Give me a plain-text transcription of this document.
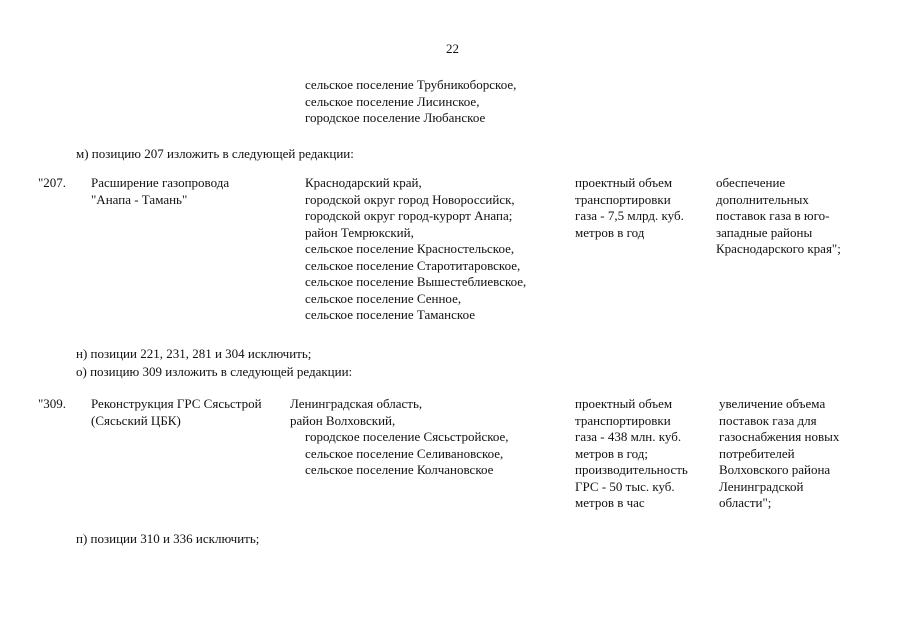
22
сельское поселение Трубникоборское,
сельское поселение Лисинское,
городское поселение Любанское
м) позицию 207 изложить в следующей редакции:
"207. Расширение газопровода
"Анапа - Тамань"
Краснодарский край,
городской округ город Новороссийск,
городской округ город-курорт Анапа;
район Темрюкский,
сельское поселение Красностельское,
сельское поселение Старотитаровское,
сельское поселение Вышестеблиевское,
сельское поселение Сенное,
сельское поселение Таманское
проектный объем
транспортировки
газа - 7,5 млрд. куб.
метров в год
обеспечение
дополнительных
поставок газа в юго-
западные районы
Краснодарского края";
н) позиции 221, 231, 281 и 304 исключить;
о) позицию 309 изложить в следующей редакции:
"309. Реконструкция ГРС Сясьстрой
(Сясьский ЦБК)
Ленинградская область,
район Волховский,
городское поселение Сясьстройское,
сельское поселение Селивановское,
сельское поселение Колчановское
проектный объем
транспортировки
газа - 438 млн. куб.
метров в год;
производительность
ГРС - 50 тыс. куб.
метров в час
увеличение объема
поставок газа для
газоснабжения новых
потребителей
Волховского района
Ленинградской
области";
п) позиции 310 и 336 исключить;
